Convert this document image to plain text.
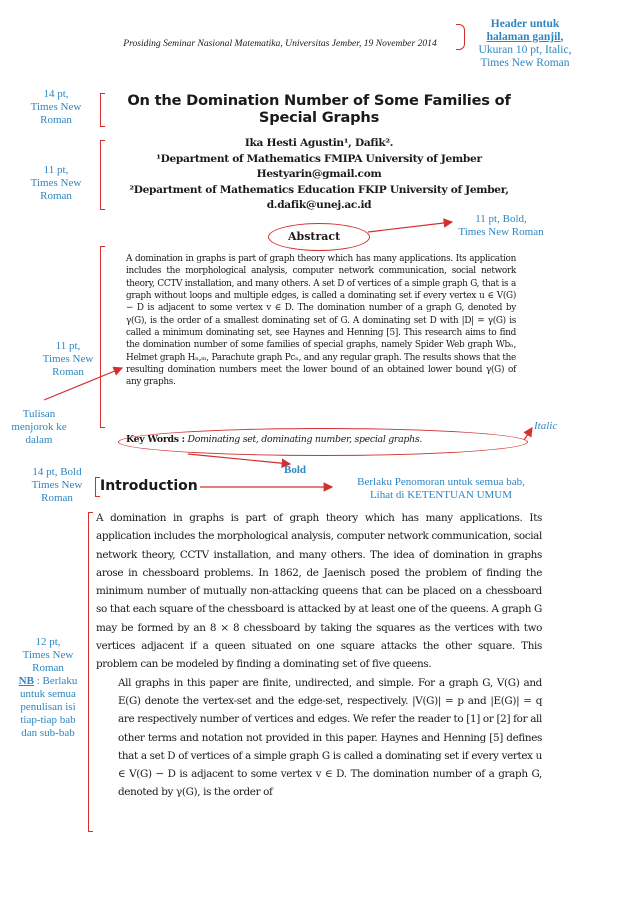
Prosiding Seminar Nasional Matematika, Universitas Jember, 19 November 2014
On the Domination Number of Some Families of
Special Graphs
Ika Hesti Agustin¹, Dafik².
¹Department of Mathematics FMIPA University of Jember
Hestyarin@gmail.com
²Department of Mathematics Education FKIP University of Jember,
d.dafik@unej.ac.id
Abstract

A domination in graphs is part of graph theory which has many applications. Its application includes the morphological analysis, computer network communication, social network theory, CCTV installation, and many others. A set D of vertices of a simple graph G, that is a graph without loops and multiple edges, is called a dominating set if every vertex u ∈ V(G) − D is adjacent to some vertex v ∈ D. The domination number of a graph G, denoted by γ(G), is the order of a smallest dominating set of G. A dominating set D with |D| = γ(G) is called a minimum dominating set, see Haynes and Henning [5]. This research aims to find the domination number of some families of special graphs, namely Spider Web graph Wbₙ, Helmet graph Hₙ,ₘ, Parachute graph Pcₙ, and any regular graph. The results shows that the resulting domination numbers meet the lower bound of an obtained lower bound γ(G) of any graphs.

Key Words : Dominating set, dominating number, special graphs.
Introduction
A domination in graphs is part of graph theory which has many applications. Its application includes the morphological analysis, computer network communication, social network theory, CCTV installation, and many others. The idea of domination in graphs arose in chessboard problems. In 1862, de Jaenisch posed the problem of finding the minimum number of mutually non-attacking queens that can be placed on a chessboard so that each square of the chessboard is attacked by at least one of the queens. A graph G may be formed by an 8 × 8 chessboard by taking the squares as the vertices with two vertices adjacent if a queen situated on one square attacks the other square. This problem can be modeled by finding a dominating set of five queens.
All graphs in this paper are finite, undirected, and simple. For a graph G, V(G) and E(G) denote the vertex-set and the edge-set, respectively. |V(G)| = p and |E(G)| = q are respectively number of vertices and edges. We refer the reader to [1] or [2] for all other terms and notation not provided in this paper. Haynes and Henning [5] defines that a set D of vertices of a simple graph G is called a dominating set if every vertex u ∈ V(G) − D is adjacent to some vertex v ∈ D. The domination number of a graph G, denoted by γ(G), is the order of
Header untuk
halaman ganjil,
Ukuran 10 pt, Italic,
Times New Roman
14 pt,
Times New
Roman
11 pt,
Times New
Roman
11 pt, Bold,
Times New Roman
11 pt,
Times New
Roman
Tulisan
menjorok ke
dalam
Italic
Bold
14 pt, Bold
Times New
Roman
Berlaku Penomoran untuk semua bab,
Lihat di KETENTUAN UMUM
12 pt,
Times New
Roman
NB : Berlaku
untuk semua
penulisan isi
tiap-tiap bab
dan sub-bab
